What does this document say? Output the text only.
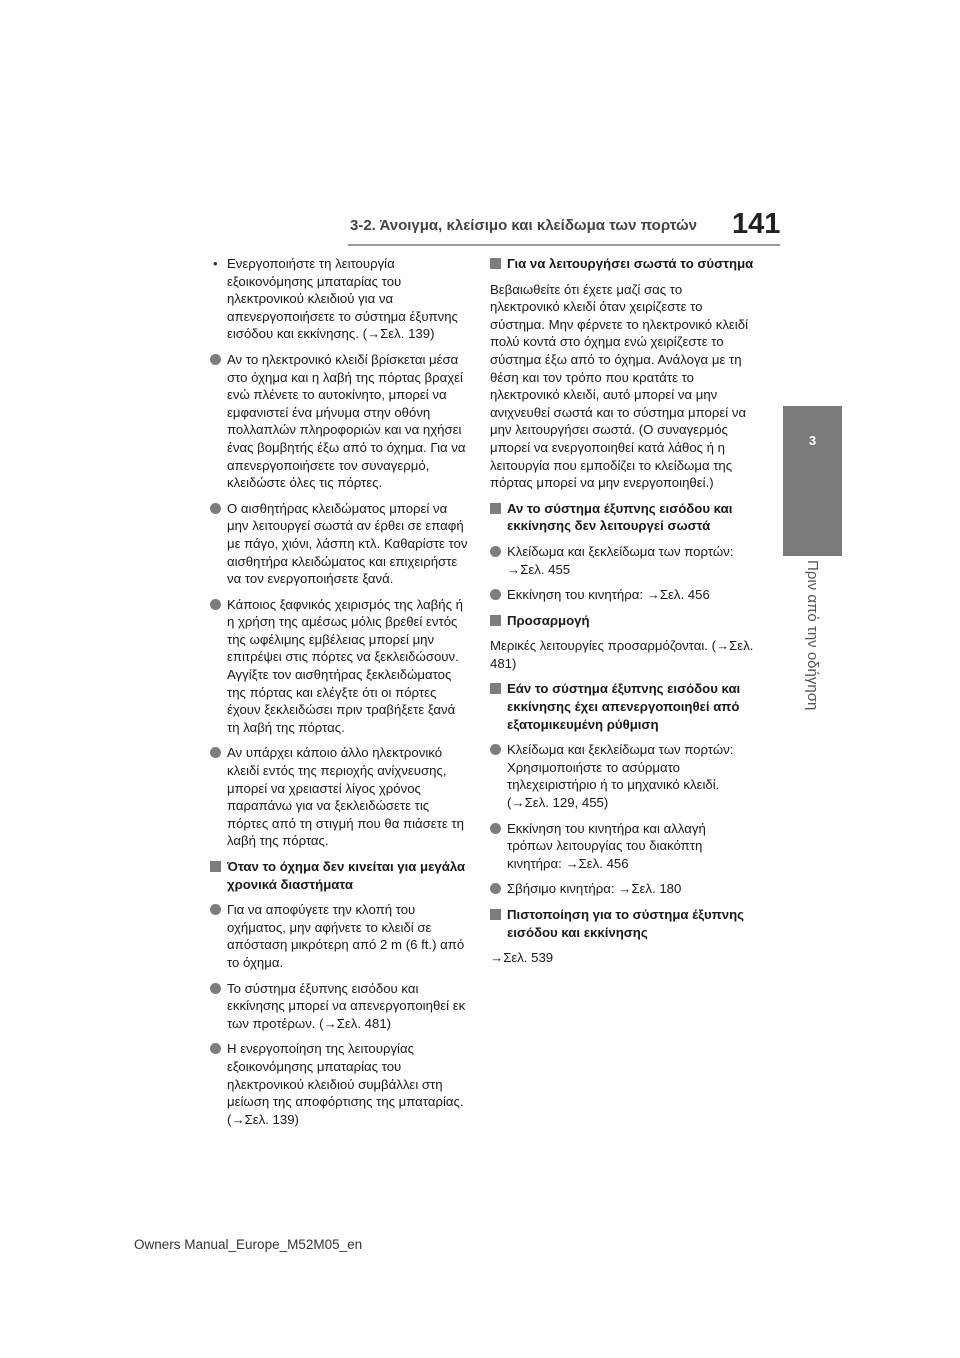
3-2. Άνοιγμα, κλείσιμο και κλείδωμα των πορτών 141
3
Πριν από την οδήγηση
• Ενεργοποιήστε τη λειτουργία εξοικονόμησης μπαταρίας του ηλεκτρονικού κλειδιού για να απενεργοποιήσετε το σύστημα έξυπνης εισόδου και εκκίνησης. (→Σελ. 139)
Αν το ηλεκτρονικό κλειδί βρίσκεται μέσα στο όχημα και η λαβή της πόρτας βραχεί ενώ πλένετε το αυτοκίνητο, μπορεί να εμφανιστεί ένα μήνυμα στην οθόνη πολλαπλών πληροφοριών και να ηχήσει ένας βομβητής έξω από το όχημα. Για να απενεργοποιήσετε τον συναγερμό, κλειδώστε όλες τις πόρτες.
Ο αισθητήρας κλειδώματος μπορεί να μην λειτουργεί σωστά αν έρθει σε επαφή με πάγο, χιόνι, λάσπη κτλ. Καθαρίστε τον αισθητήρα κλειδώματος και επιχειρήστε να τον ενεργοποιήσετε ξανά.
Κάποιος ξαφνικός χειρισμός της λαβής ή η χρήση της αμέσως μόλις βρεθεί εντός της ωφέλιμης εμβέλειας μπορεί μην επιτρέψει στις πόρτες να ξεκλειδώσουν. Αγγίξτε τον αισθητήρας ξεκλειδώματος της πόρτας και ελέγξτε ότι οι πόρτες έχουν ξεκλειδώσει πριν τραβήξετε ξανά τη λαβή της πόρτας.
Αν υπάρχει κάποιο άλλο ηλεκτρονικό κλειδί εντός της περιοχής ανίχνευσης, μπορεί να χρειαστεί λίγος χρόνος παραπάνω για να ξεκλειδώσετε τις πόρτες από τη στιγμή που θα πιάσετε τη λαβή της πόρτας.
Όταν το όχημα δεν κινείται για μεγάλα χρονικά διαστήματα
Για να αποφύγετε την κλοπή του οχήματος, μην αφήνετε το κλειδί σε απόσταση μικρότερη από 2 m (6 ft.) από το όχημα.
Το σύστημα έξυπνης εισόδου και εκκίνησης μπορεί να απενεργοποιηθεί εκ των προτέρων. (→Σελ. 481)
Η ενεργοποίηση της λειτουργίας εξοικονόμησης μπαταρίας του ηλεκτρονικού κλειδιού συμβάλλει στη μείωση της αποφόρτισης της μπαταρίας. (→Σελ. 139)
Για να λειτουργήσει σωστά το σύστημα
Βεβαιωθείτε ότι έχετε μαζί σας το ηλεκτρονικό κλειδί όταν χειρίζεστε το σύστημα. Μην φέρνετε το ηλεκτρονικό κλειδί πολύ κοντά στο όχημα ενώ χειρίζεστε το σύστημα έξω από το όχημα. Ανάλογα με τη θέση και τον τρόπο που κρατάτε το ηλεκτρονικό κλειδί, αυτό μπορεί να μην ανιχνευθεί σωστά και το σύστημα μπορεί να μην λειτουργήσει σωστά. (Ο συναγερμός μπορεί να ενεργοποιηθεί κατά λάθος ή η λειτουργία που εμποδίζει το κλείδωμα της πόρτας μπορεί να μην ενεργοποιηθεί.)
Αν το σύστημα έξυπνης εισόδου και εκκίνησης δεν λειτουργεί σωστά
Κλείδωμα και ξεκλείδωμα των πορτών: →Σελ. 455
Εκκίνηση του κινητήρα: →Σελ. 456
Προσαρμογή
Μερικές λειτουργίες προσαρμόζονται. (→Σελ. 481)
Εάν το σύστημα έξυπνης εισόδου και εκκίνησης έχει απενεργοποιηθεί από εξατομικευμένη ρύθμιση
Κλείδωμα και ξεκλείδωμα των πορτών: Χρησιμοποιήστε το ασύρματο τηλεχειριστήριο ή το μηχανικό κλειδί. (→Σελ. 129, 455)
Εκκίνηση του κινητήρα και αλλαγή τρόπων λειτουργίας του διακόπτη κινητήρα: →Σελ. 456
Σβήσιμο κινητήρα: →Σελ. 180
Πιστοποίηση για το σύστημα έξυπνης εισόδου και εκκίνησης
→Σελ. 539
Owners Manual_Europe_M52M05_en
